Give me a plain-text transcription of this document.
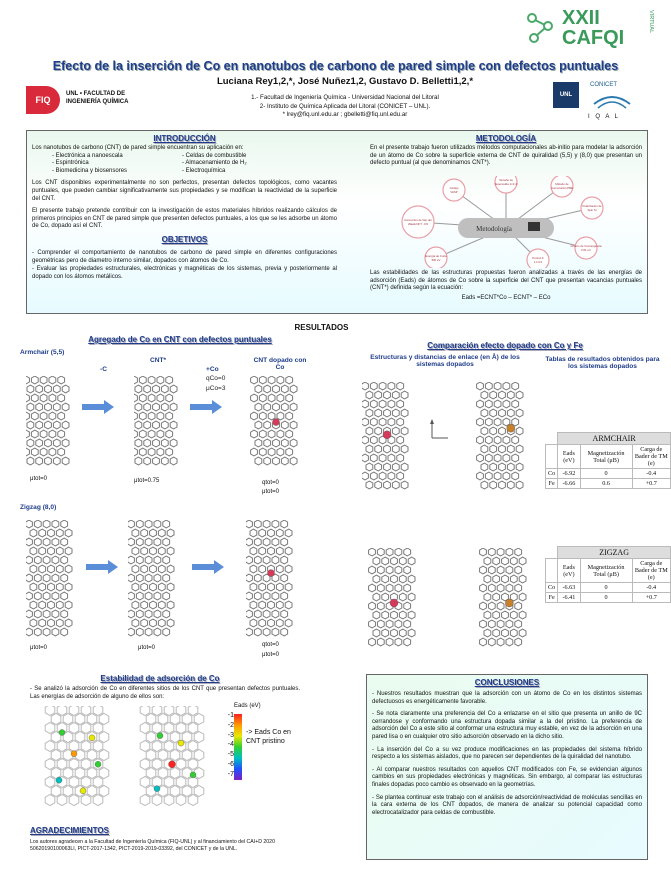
XXII CAFQI
VIRTUAL
Efecto de la inserción de Co en nanotubos de carbono de pared simple con defectos puntuales
Luciana Rey1,2,*, José Nuñez1,2, Gustavo D. Belletti1,2,*
1.- Facultad de Ingeniería Química - Universidad Nacional del Litoral
2- Instituto de Química Aplicada del Litoral (CONICET – UNL).
* lrey@fiq.unl.edu.ar ; gbelletti@fiq.unl.edu.ar
FIQ
UNL • FACULTAD DE
INGENIERÍA QUÍMICA
UNL
CONICET
I Q A L
INTRODUCCIÓN
Los nanotubos de carbono (CNT) de pared simple encuentran su aplicación en:
- Electrónica a nanoescala
- Espintrónica
- Biomedicina y biosensores
- Celdas de combustible
- Almacenamiento de H₂
- Electroquímica
Los CNT disponibles experimentalmente no son perfectos, presentan defectos topológicos, como vacantes puntuales, que pueden cambiar significativamente sus propiedades y se modifican la reactividad de la superficie del CNT.
El presente trabajo pretende contribuir con la investigación de estos materiales híbridos realizando cálculos de primeros principios en CNT de pared simple que presenten defectos puntuales, a los que se les adsorbe un átomo de Co, dopado así el CNT.
OBJETIVOS
- Comprender el comportamiento de nanotubos de carbono de pared simple en diferentes configuraciones geométricas pero de diametro interno similar, dopados con átomos de Co.
- Evaluar las propiedades estructurales, electrónicas y magnéticas de los sistemas, previa y posteriormente al dopado con los átomos metálicos.
METODOLOGÍA
En el presente trabajo fueron utilizados métodos computacionales ab-initio para modelar la adsorción de un átomo de Co sobre la superficie externa de CNT de quiralidad (5,5) y (8,0) que presentan un defecto puntual (al que denominamos CNT*).
Metodología
Código
VASP
Tamaño de
Supercelda 1×1×3	Método de
Convolución PBE
Polarización de
Spin Sí
Criterio de Convergencia
0.01 eV
Corrección de Van der
Waals DFT - D3
Energía de Corte
500 eV	Puntos K
1×1×3
Las estabilidades de las estructuras propuestas fueron analizadas a través de las energías de adsorción (Eads) de átomos de Co sobre la superficie del CNT que presentan vacancias puntuales (CNT*) definida según la ecuación:
Eads =ECNT*Co – ECNT* – ECo
RESULTADOS
Agregado de Co en CNT con defectos puntuales
Armchair (5,5)
CNT*
-C	+Co
CNT dopado con Co
qCo=0
μCo=3
μtot=0	μtot=0.75	qtot=0
μtot=0
Zigzag (8,0)
μtot=0	μtot=0	qtot=0
μtot=0
Comparación efecto dopado con Co y Fe
Estructuras y distancias de enlace (en Å) de los sistemas dopados
Tablas de resultados obtenidos para los sistemas dopados
	ARMCHAIR		
	Eads (eV)	Magnetización Total (μB)	Carga de Bader de TM (e)
Co	-6.92	0	-0.4
Fe	-6.66	0.6	+0.7
	ZIGZAG		
	Eads (eV)	Magnetización Total (μB)	Carga de Bader de TM (e)
Co	-6.63	0	-0.4
Fe	-6.41	0	+0.7
Estabilidad de adsorción de Co
- Se analizó la adsorción de Co en diferentes sitios de los CNT que presentan defectos puntuales. Las energías de adsorción de alguno de ellos son:
Eads (eV)
-1
-2
-3
-4
-5
-6
-7
-> Eads Co en CNT pristino
AGRADECIMIENTOS
Los autores agradecen a la Facultad de Ingeniería Química (FIQ-UNL) y al financiamiento del CAI+D 2020 50620190100063LI, PICT-2017-1342, PICT-2019-2019-03392, del CONICET y de la UNL.
CONCLUSIONES
- Nuestros resultados muestran que la adsorción con un átomo de Co en los distintos sistemas defectuosos es energéticamente favorable.
- Se nota claramente una preferencia del Co a enlazarse en el sitio que presenta un anillo de 9C cerrandose y conformando una estructura dopada similar a la del pristino. La preferencia de adsorción del Co a este sitio al conformar una estructura muy estable, en vez de la adsorción en una pared lisa o en cualquier otro sitio adsorción observado en la dicho sitio.
- La inserción del Co a su vez produce modificaciones en las propiedades del sistema híbrido respecto a los sistemas aislados, que no parecen ser dependientes de la quiralidad del nanotubo.
- Al comparar nuestros resultados con aquellos CNT modificados con Fe, se evidencian algunos cambios en sus propiedades electrónicas y magnéticas. Sin embargo, al comparar las estructuras finales dopadas poco cambio es observado en la geometrías.
- Se plantea continuar este trabajo con el análisis de adsorción/reactividad de moléculas sencillas en la cara externa de los CNT dopados, de manera de analizar su potencial capacidad como electrocatalizador para celdas de combustible.
